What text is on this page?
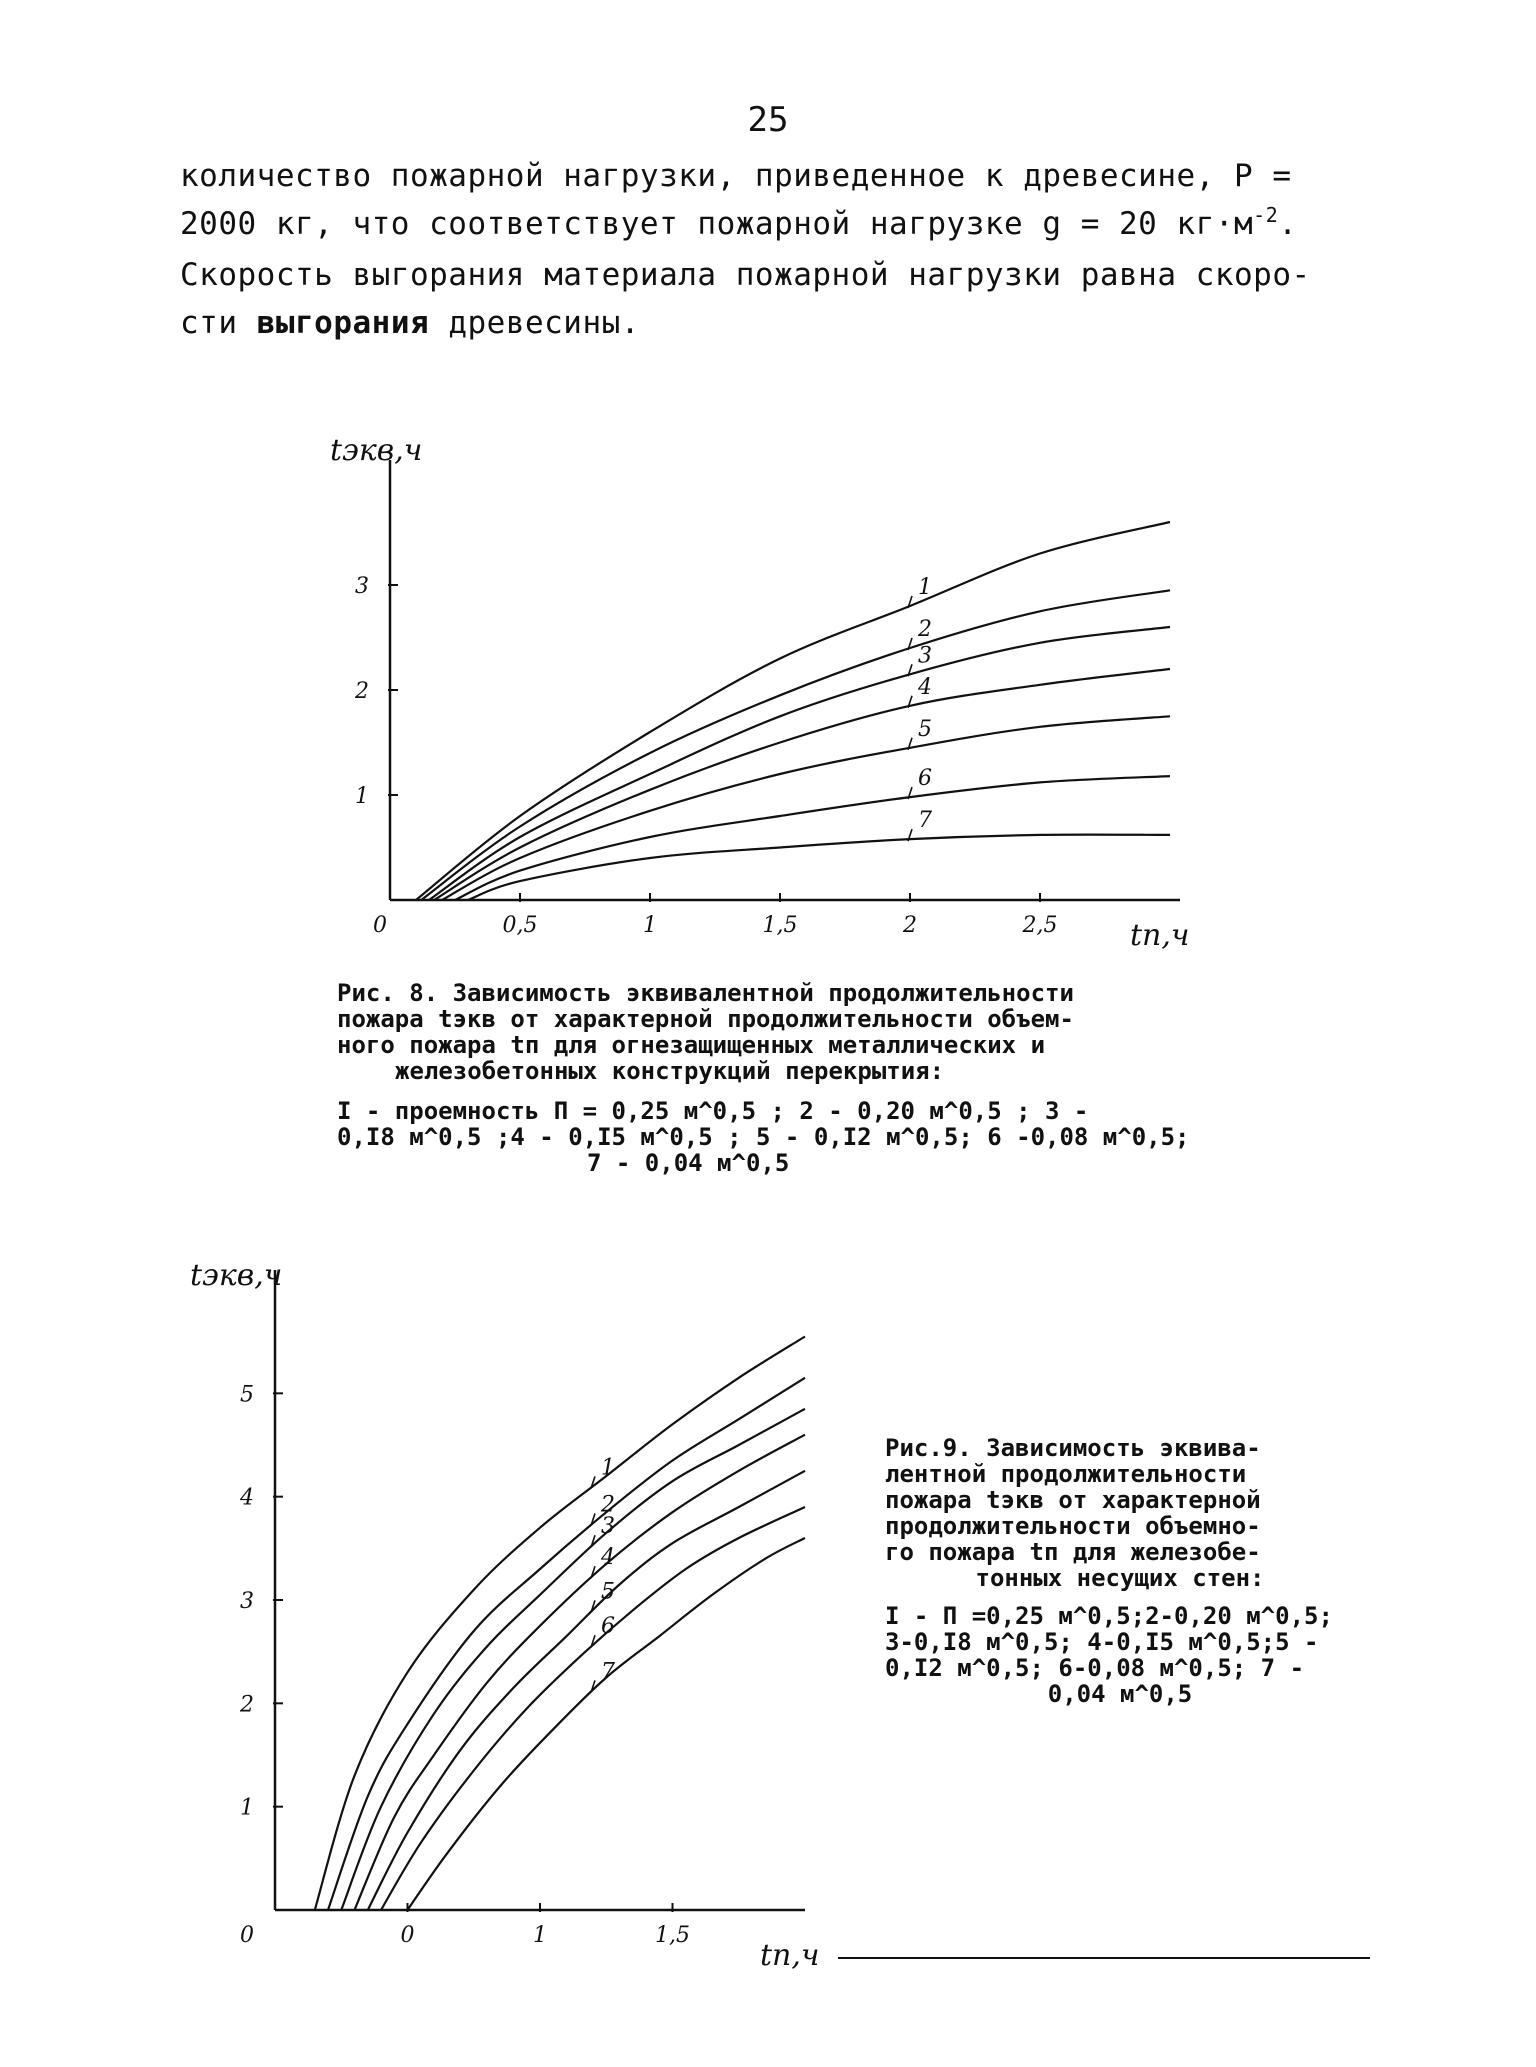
25

количество пожарной нагрузки, приведенное к древесине, P =

2000 кг, что соответствует пожарной нагрузке g = 20 $кг\cdot м^{-2}$.

Скорость выгорания материала пожарной нагрузки равна скоро-

сти выгорания древесины.

0	0,5	1	1,5	2	2,5
1
2
3
tэкв,ч
tп,ч
1
2
3
4
5
6
7

Рис. 8. Зависимость эквивалентной продолжительности

пожара tэкв от характерной продолжительности объем-

ного пожара tп для огнезащищенных металлических и

железобетонных конструкций перекрытия:

I - проемность П = 0,25 м^0,5 ; 2 - 0,20 м^0,5 ; 3 -

0,I8 м^0,5 ;4 - 0,I5 м^0,5 ; 5 - 0,I2 м^0,5; 6 -0,08 м^0,5;

7 - 0,04 м^0,5

0	0	1	1,5
1
2
3
4
5
tэкв,ч
tп,ч
1
2
3
4
5
6
7

Рис.9. Зависимость эквива-

лентной продолжительности

пожара tэкв от характерной

продолжительности объемно-

го пожара tп для железобе-

тонных несущих стен:

I - П =0,25 м^0,5;2-0,20 м^0,5;

3-0,I8 м^0,5; 4-0,I5 м^0,5;5 -

0,I2 м^0,5; 6-0,08 м^0,5; 7 -

0,04 м^0,5
